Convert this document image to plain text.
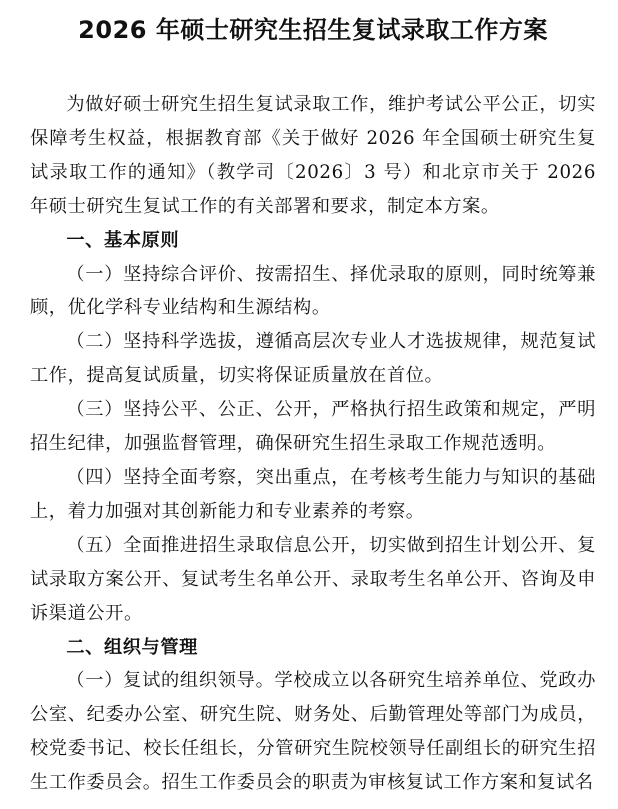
2026 年硕士研究生招生复试录取工作方案

为做好硕士研究生招生复试录取工作，维护考试公平公正，切实保障考生权益，根据教育部《关于做好 2026 年全国硕士研究生复试录取工作的通知》（教学司〔2026〕3 号）和北京市关于 2026 年硕士研究生复试工作的有关部署和要求，制定本方案。

一、基本原则

（一）坚持综合评价、按需招生、择优录取的原则，同时统筹兼顾，优化学科专业结构和生源结构。

（二）坚持科学选拔，遵循高层次专业人才选拔规律，规范复试工作，提高复试质量，切实将保证质量放在首位。

（三）坚持公平、公正、公开，严格执行招生政策和规定，严明招生纪律，加强监督管理，确保研究生招生录取工作规范透明。

（四）坚持全面考察，突出重点，在考核考生能力与知识的基础上，着力加强对其创新能力和专业素养的考察。

（五）全面推进招生录取信息公开，切实做到招生计划公开、复试录取方案公开、复试考生名单公开、录取考生名单公开、咨询及申诉渠道公开。

二、组织与管理

（一）复试的组织领导。学校成立以各研究生培养单位、党政办公室、纪委办公室、研究生院、财务处、后勤管理处等部门为成员，校党委书记、校长任组长，分管研究生院校领导任副组长的研究生招生工作委员会。招生工作委员会的职责为审核复试工作方案和复试名
